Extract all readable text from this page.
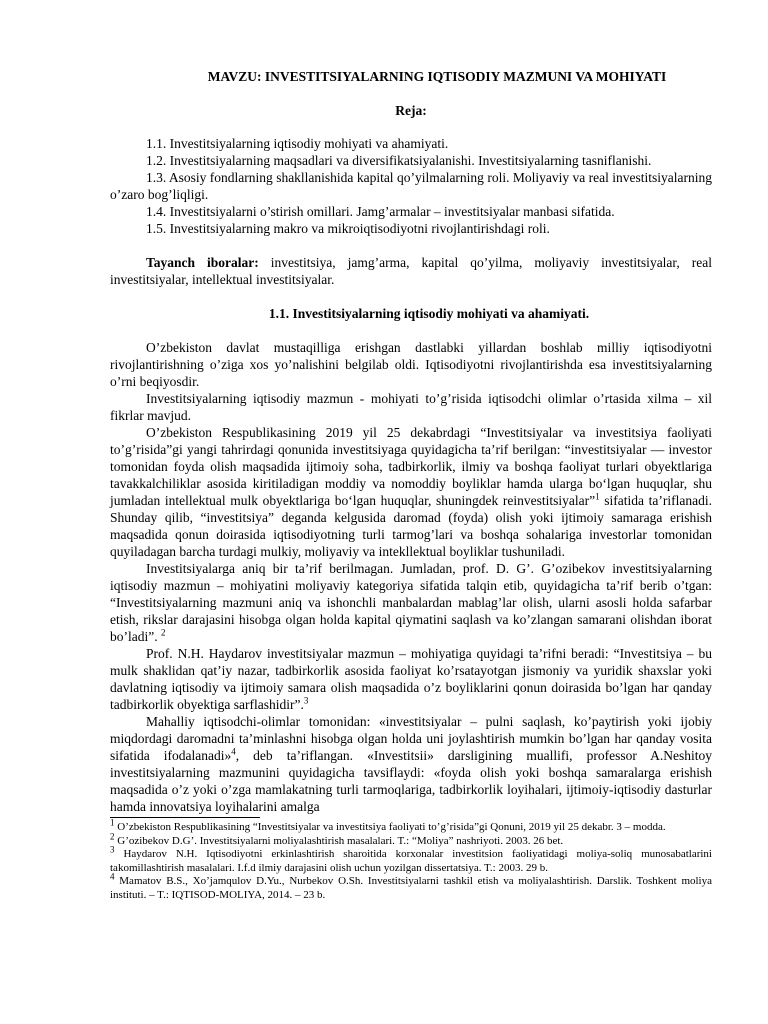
MAVZU: INVESTITSIYALARNING IQTISODIY MAZMUNI VA MOHIYATI
Reja:

1.1. Investitsiyalarning iqtisodiy mohiyati va ahamiyati.

1.2. Investitsiyalarning maqsadlari va diversifikatsiyalanishi. Investitsiyalarning tasniflanishi.

1.3. Asosiy fondlarning shakllanishida kapital qo’yilmalarning roli. Moliyaviy va real investitsiyalarning o’zaro bog’liqligi.

1.4. Investitsiyalarni o’stirish omillari. Jamg’armalar – investitsiyalar manbasi sifatida.

1.5. Investitsiyalarning makro va mikroiqtisodiyotni rivojlantirishdagi roli.

Tayanch iboralar: investitsiya, jamg’arma, kapital qo’yilma, moliyaviy investitsiyalar, real investitsiyalar, intellektual investitsiyalar.
1.1. Investitsiyalarning iqtisodiy mohiyati va ahamiyati.

O’zbekiston davlat mustaqilliga erishgan dastlabki yillardan boshlab milliy iqtisodiyotni rivojlantirishning o’ziga xos yo’nalishini belgilab oldi. Iqtisodiyotni rivojlantirishda esa investitsiyalarning o’rni beqiyosdir.

Investitsiyalarning iqtisodiy mazmun - mohiyati to’g’risida iqtisodchi olimlar o’rtasida xilma – xil fikrlar mavjud.

O’zbekiston Respublikasining 2019 yil 25 dekabrdagi “Investitsiyalar va investitsiya faoliyati to’g’risida”gi yangi tahrirdagi qonunida investitsiyaga quyidagicha ta’rif berilgan: “investitsiyalar — investor tomonidan foyda olish maqsadida ijtimoiy soha, tadbirkorlik, ilmiy va boshqa faoliyat turlari obyektlariga tavakkalchiliklar asosida kiritiladigan moddiy va nomoddiy boyliklar hamda ularga bo‘lgan huquqlar, shu jumladan intellektual mulk obyektlariga bo‘lgan huquqlar, shuningdek reinvestitsiyalar”$^1$ sifatida ta’riflanadi. Shunday qilib, “investitsiya” deganda kelgusida daromad (foyda) olish yoki ijtimoiy samaraga erishish maqsadida qonun doirasida iqtisodiyotning turli tarmog’lari va boshqa sohalariga investorlar tomonidan quyiladagan barcha turdagi mulkiy, moliyaviy va intekllektual boyliklar tushuniladi.

Investitsiyalarga aniq bir ta’rif berilmagan. Jumladan, prof. D. G’. G’ozibekov investitsiyalarning iqtisodiy mazmun – mohiyatini moliyaviy kategoriya sifatida talqin etib, quyidagicha ta’rif berib o’tgan: “Investitsiyalarning mazmuni aniq va ishonchli manbalardan mablag’lar olish, ularni asosli holda safarbar etish, rikslar darajasini hisobga olgan holda kapital qiymatini saqlash va ko’zlangan samarani olishdan iborat bo’ladi”. $^2$

Prof. N.H. Haydarov investitsiyalar mazmun – mohiyatiga quyidagi ta’rifni beradi: “Investitsiya – bu mulk shaklidan qat’iy nazar, tadbirkorlik asosida faoliyat ko’rsatayotgan jismoniy va yuridik shaxslar yoki davlatning iqtisodiy va ijtimoiy samara olish maqsadida o’z boyliklarini qonun doirasida bo’lgan har qanday tadbirkorlik obyektiga sarflashidir”.$^3$

Mahalliy iqtisodchi-olimlar tomonidan: «investitsiyalar – pulni saqlash, ko’paytirish yoki ijobiy miqdordagi daromadni ta’minlashni hisobga olgan holda uni joylashtirish mumkin bo’lgan har qanday vosita sifatida ifodalanadi»$^4$, deb ta’riflangan. «Investitsii» darsligining muallifi, professor A.Neshitoy investitsiyalarning mazmunini quyidagicha tavsiflaydi: «foyda olish yoki boshqa samaralarga erishish maqsadida o’z yoki o’zga mamlakatning turli tarmoqlariga, tadbirkorlik loyihalari, ijtimoiy-iqtisodiy dasturlar hamda innovatsiya loyihalarini amalga

$^1$ O’zbekiston Respublikasining “Investitsiyalar va investitsiya faoliyati to’g’risida”gi Qonuni, 2019 yil 25 dekabr. 3 – modda.

$^2$ G’ozibekov D.G’. Investitsiyalarni moliyalashtirish masalalari. T.: “Moliya” nashriyoti. 2003. 26 bet.

$^3$ Haydarov N.H. Iqtisodiyotni erkinlashtirish sharoitida korxonalar investitsion faoliyatidagi moliya-soliq munosabatlarini takomillashtirish masalalari. I.f.d ilmiy darajasini olish uchun yozilgan dissertatsiya. T.: 2003. 29 b.

$^4$ Mamatov B.S., Xo’jamqulov D.Yu., Nurbekov O.Sh. Investitsiyalarni tashkil etish va moliyalashtirish. Darslik. Toshkent moliya instituti. – T.: IQTISOD-MOLIYA, 2014. – 23 b.
